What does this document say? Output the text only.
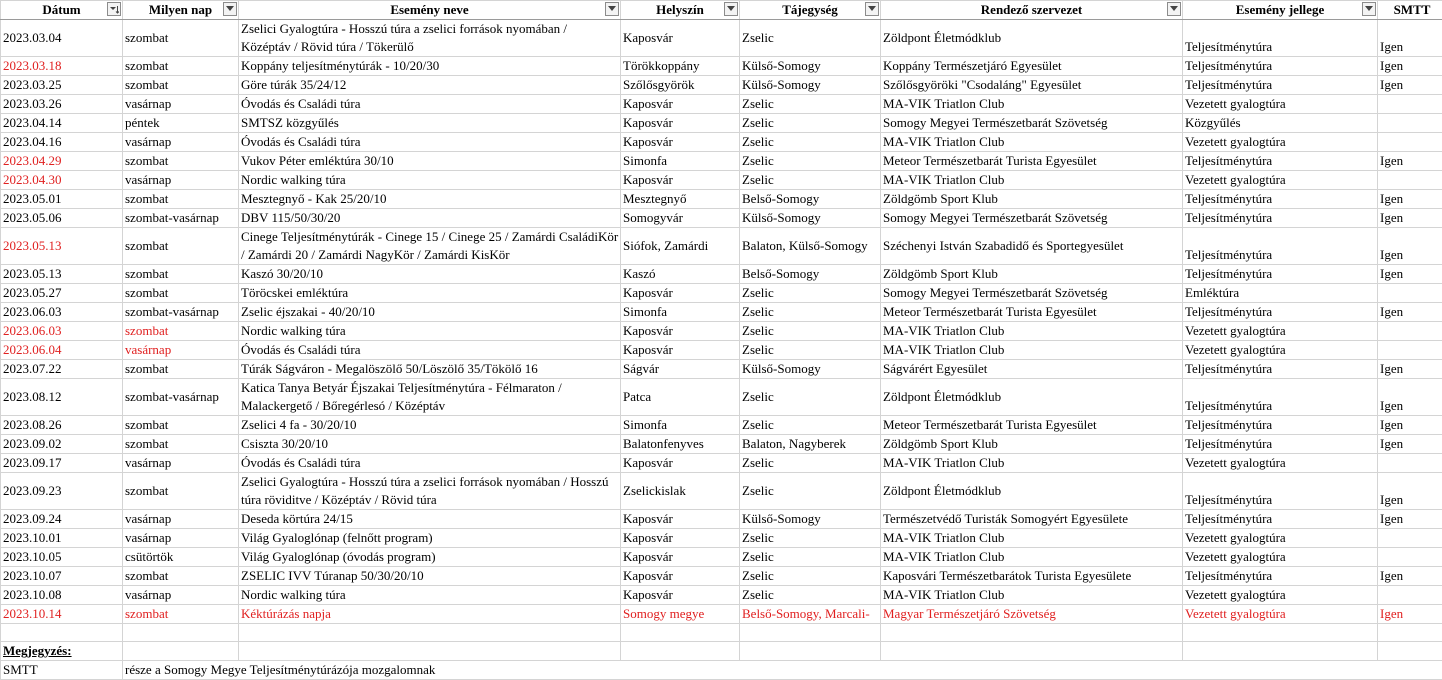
Dátum	Milyen nap	Esemény neve	Helyszín	Tájegység	Rendező szervezet	Esemény jellege	SMTT
2023.03.04	szombat	Zselici Gyalogtúra - Hosszú túra a zselici források nyomában / Középtáv / Rövid túra / Tökerülő	Kaposvár	Zselic	Zöldpont Életmódklub	Teljesítménytúra	Igen
2023.03.18	szombat	Koppány teljesítménytúrák - 10/20/30	Törökkoppány	Külső-Somogy	Koppány Természetjáró Egyesület	Teljesítménytúra	Igen
2023.03.25	szombat	Göre túrák 35/24/12	Szőlősgyörök	Külső-Somogy	Szőlősgyöröki "Csodaláng" Egyesület	Teljesítménytúra	Igen
2023.03.26	vasárnap	Óvodás és Családi túra	Kaposvár	Zselic	MA-VIK Triatlon Club	Vezetett gyalogtúra	
2023.04.14	péntek	SMTSZ közgyűlés	Kaposvár	Zselic	Somogy Megyei Természetbarát Szövetség	Közgyűlés	
2023.04.16	vasárnap	Óvodás és Családi túra	Kaposvár	Zselic	MA-VIK Triatlon Club	Vezetett gyalogtúra	
2023.04.29	szombat	Vukov Péter emléktúra 30/10	Simonfa	Zselic	Meteor Természetbarát Turista Egyesület	Teljesítménytúra	Igen
2023.04.30	vasárnap	Nordic walking túra	Kaposvár	Zselic	MA-VIK Triatlon Club	Vezetett gyalogtúra	
2023.05.01	szombat	Mesztegnyő - Kak 25/20/10	Mesztegnyő	Belső-Somogy	Zöldgömb Sport Klub	Teljesítménytúra	Igen
2023.05.06	szombat-vasárnap	DBV 115/50/30/20	Somogyvár	Külső-Somogy	Somogy Megyei Természetbarát Szövetség	Teljesítménytúra	Igen
2023.05.13	szombat	Cinege Teljesítménytúrák - Cinege 15 / Cinege 25 / Zamárdi CsaládiKör / Zamárdi 20 / Zamárdi NagyKör / Zamárdi KisKör	Siófok, Zamárdi	Balaton, Külső-Somogy	Széchenyi István Szabadidő és Sportegyesület	Teljesítménytúra	Igen
2023.05.13	szombat	Kaszó 30/20/10	Kaszó	Belső-Somogy	Zöldgömb Sport Klub	Teljesítménytúra	Igen
2023.05.27	szombat	Töröcskei emléktúra	Kaposvár	Zselic	Somogy Megyei Természetbarát Szövetség	Emléktúra	
2023.06.03	szombat-vasárnap	Zselic éjszakai - 40/20/10	Simonfa	Zselic	Meteor Természetbarát Turista Egyesület	Teljesítménytúra	Igen
2023.06.03	szombat	Nordic walking túra	Kaposvár	Zselic	MA-VIK Triatlon Club	Vezetett gyalogtúra	
2023.06.04	vasárnap	Óvodás és Családi túra	Kaposvár	Zselic	MA-VIK Triatlon Club	Vezetett gyalogtúra	
2023.07.22	szombat	Túrák Ságváron - Megalöszölő 50/Löszölő 35/Tökölő 16	Ságvár	Külső-Somogy	Ságvárért Egyesület	Teljesítménytúra	Igen
2023.08.12	szombat-vasárnap	Katica Tanya Betyár Éjszakai Teljesítménytúra - Félmaraton / Malackergető / Bőregérlesó / Középtáv	Patca	Zselic	Zöldpont Életmódklub	Teljesítménytúra	Igen
2023.08.26	szombat	Zselici 4 fa - 30/20/10	Simonfa	Zselic	Meteor Természetbarát Turista Egyesület	Teljesítménytúra	Igen
2023.09.02	szombat	Csiszta 30/20/10	Balatonfenyves	Balaton, Nagyberek	Zöldgömb Sport Klub	Teljesítménytúra	Igen
2023.09.17	vasárnap	Óvodás és Családi túra	Kaposvár	Zselic	MA-VIK Triatlon Club	Vezetett gyalogtúra	
2023.09.23	szombat	Zselici Gyalogtúra - Hosszú túra a zselici források nyomában / Hosszú túra röviditve / Középtáv / Rövid túra	Zselickislak	Zselic	Zöldpont Életmódklub	Teljesítménytúra	Igen
2023.09.24	vasárnap	Deseda körtúra 24/15	Kaposvár	Külső-Somogy	Természetvédő Turisták Somogyért Egyesülete	Teljesítménytúra	Igen
2023.10.01	vasárnap	Világ Gyaloglónap (felnőtt program)	Kaposvár	Zselic	MA-VIK Triatlon Club	Vezetett gyalogtúra	
2023.10.05	csütörtök	Világ Gyaloglónap (óvodás program)	Kaposvár	Zselic	MA-VIK Triatlon Club	Vezetett gyalogtúra	
2023.10.07	szombat	ZSELIC IVV Túranap 50/30/20/10	Kaposvár	Zselic	Kaposvári Természetbarátok Turista Egyesülete	Teljesítménytúra	Igen
2023.10.08	vasárnap	Nordic walking túra	Kaposvár	Zselic	MA-VIK Triatlon Club	Vezetett gyalogtúra	
2023.10.14	szombat	Kéktúrázás napja	Somogy megye	Belső-Somogy, Marcali-	Magyar Természetjáró Szövetség	Vezetett gyalogtúra	Igen

Megjegyzés:							
SMTT	része a Somogy Megye Teljesítménytúrázója mozgalomnak						
